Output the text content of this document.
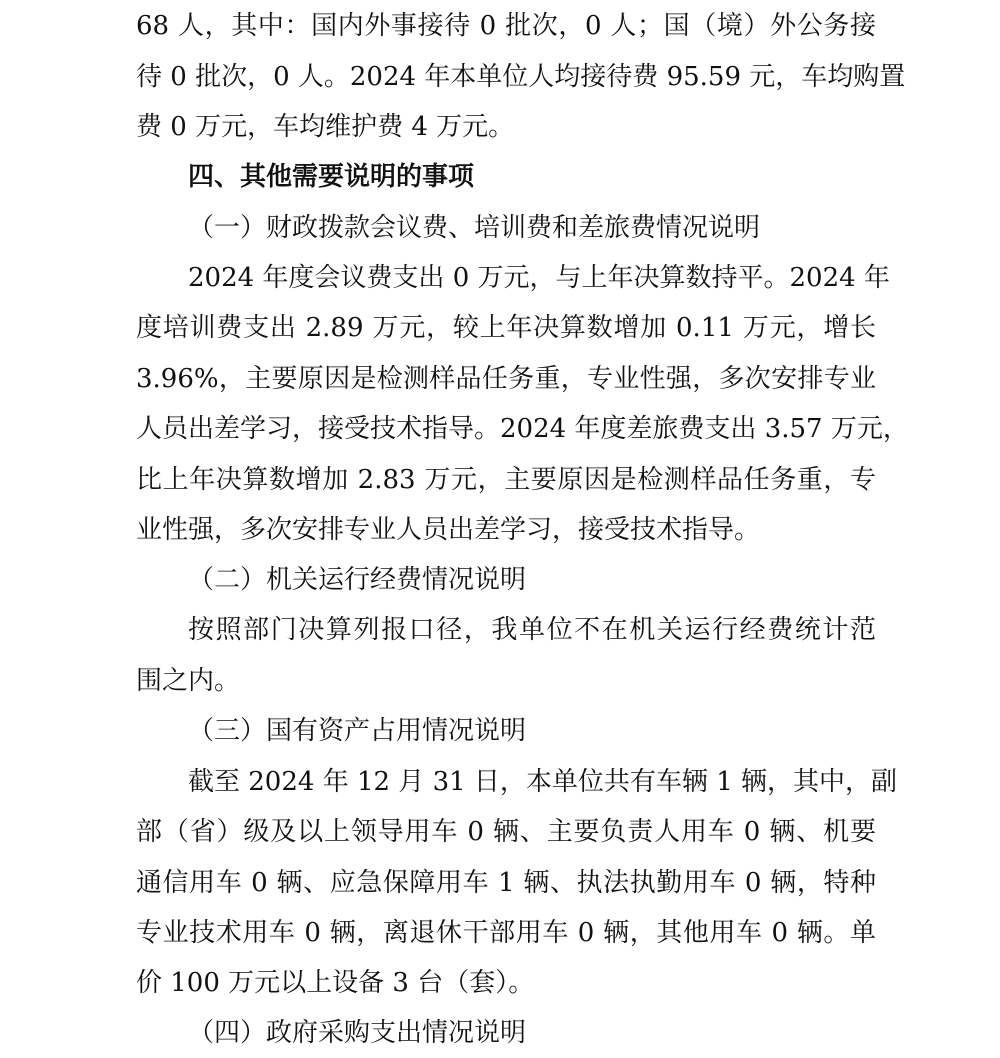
68 人，其中：国内外事接待 0 批次，0 人；国（境）外公务接
待 0 批次，0 人。2024 年本单位人均接待费 95.59 元，车均购置
费 0 万元，车均维护费 4 万元。
四、其他需要说明的事项
（一）财政拨款会议费、培训费和差旅费情况说明
2024 年度会议费支出 0 万元，与上年决算数持平。2024 年
度培训费支出 2.89 万元，较上年决算数增加 0.11 万元，增长
3.96%，主要原因是检测样品任务重，专业性强，多次安排专业
人员出差学习，接受技术指导。2024 年度差旅费支出 3.57 万元，
比上年决算数增加 2.83 万元，主要原因是检测样品任务重，专
业性强，多次安排专业人员出差学习，接受技术指导。
（二）机关运行经费情况说明
按照部门决算列报口径，我单位不在机关运行经费统计范
围之内。
（三）国有资产占用情况说明
截至 2024 年 12 月 31 日，本单位共有车辆 1 辆，其中，副
部（省）级及以上领导用车 0 辆、主要负责人用车 0 辆、机要
通信用车 0 辆、应急保障用车 1 辆、执法执勤用车 0 辆，特种
专业技术用车 0 辆，离退休干部用车 0 辆，其他用车 0 辆。单
价 100 万元以上设备 3 台（套）。
（四）政府采购支出情况说明
